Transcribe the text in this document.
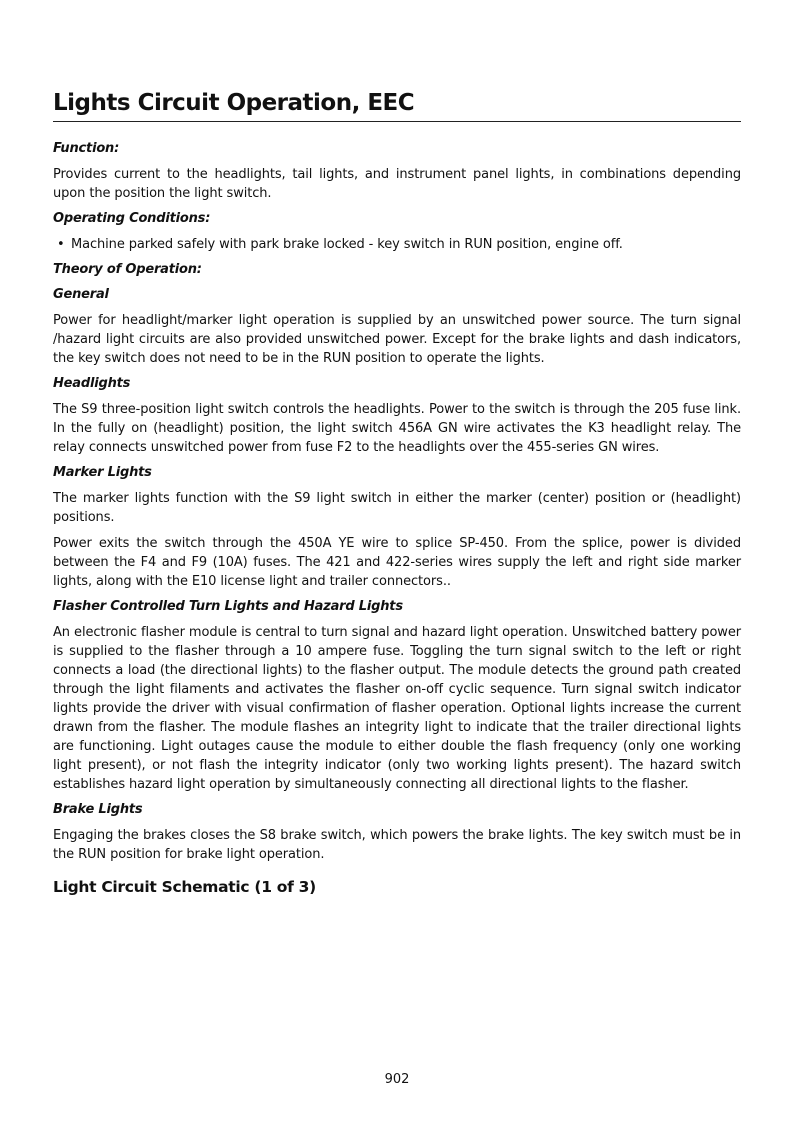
Lights Circuit Operation, EEC
Function:

Provides current to the headlights, tail lights, and instrument panel lights, in combinations depending upon the position the light switch.

Operating Conditions:
• Machine parked safely with park brake locked - key switch in RUN position, engine off.
Theory of Operation:
General

Power for headlight/marker light operation is supplied by an unswitched power source. The turn signal /hazard light circuits are also provided unswitched power. Except for the brake lights and dash indicators, the key switch does not need to be in the RUN position to operate the lights.

Headlights

The S9 three-position light switch controls the headlights. Power to the switch is through the 205 fuse link. In the fully on (headlight) position, the light switch 456A GN wire activates the K3 headlight relay. The relay connects unswitched power from fuse F2 to the headlights over the 455-series GN wires.

Marker Lights

The marker lights function with the S9 light switch in either the marker (center) position or (headlight) positions.

Power exits the switch through the 450A YE wire to splice SP-450. From the splice, power is divided between the F4 and F9 (10A) fuses. The 421 and 422-series wires supply the left and right side marker lights, along with the E10 license light and trailer connectors..

Flasher Controlled Turn Lights and Hazard Lights

An electronic flasher module is central to turn signal and hazard light operation. Unswitched battery power is supplied to the flasher through a 10 ampere fuse. Toggling the turn signal switch to the left or right connects a load (the directional lights) to the flasher output. The module detects the ground path created through the light filaments and activates the flasher on-off cyclic sequence. Turn signal switch indicator lights provide the driver with visual confirmation of flasher operation. Optional lights increase the current drawn from the flasher. The module flashes an integrity light to indicate that the trailer directional lights are functioning. Light outages cause the module to either double the flash frequency (only one working light present), or not flash the integrity indicator (only two working lights present). The hazard switch establishes hazard light operation by simultaneously connecting all directional lights to the flasher.

Brake Lights

Engaging the brakes closes the S8 brake switch, which powers the brake lights. The key switch must be in the RUN position for brake light operation.

Light Circuit Schematic (1 of 3)
902
